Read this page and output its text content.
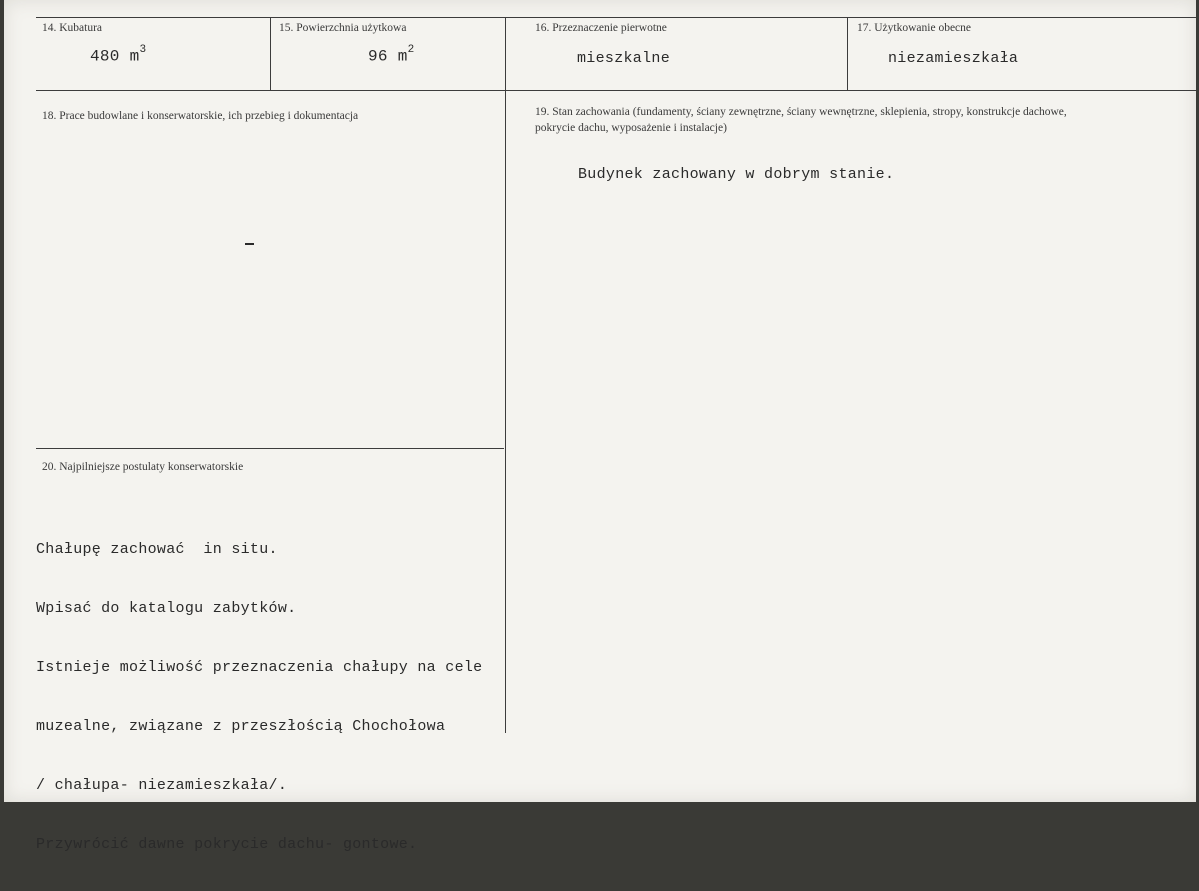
14. Kubatura
480 $m^3$
15. Powierzchnia użytkowa
96 $m^2$
16. Przeznaczenie pierwotne
mieszkalne
17. Użytkowanie obecne
niezamieszkała
18. Prace budowlane i konserwatorskie, ich przebieg i dokumentacja	19. Stan zachowania (fundamenty, ściany zewnętrzne, ściany wewnętrzne, sklepienia, stropy, konstrukcje dachowe, pokrycie dachu, wyposażenie i instalacje)
Budynek zachowany w dobrym stanie.
20. Najpilniejsze postulaty konserwatorskie

Chałupę zachować  in situ.

Wpisać do katalogu zabytków.

Istnieje możliwość przeznaczenia chałupy na cele

muzealne, związane z przeszłością Chochołowa

/ chałupa- niezamieszkała/.

Przywrócić dawne pokrycie dachu- gontowe.
